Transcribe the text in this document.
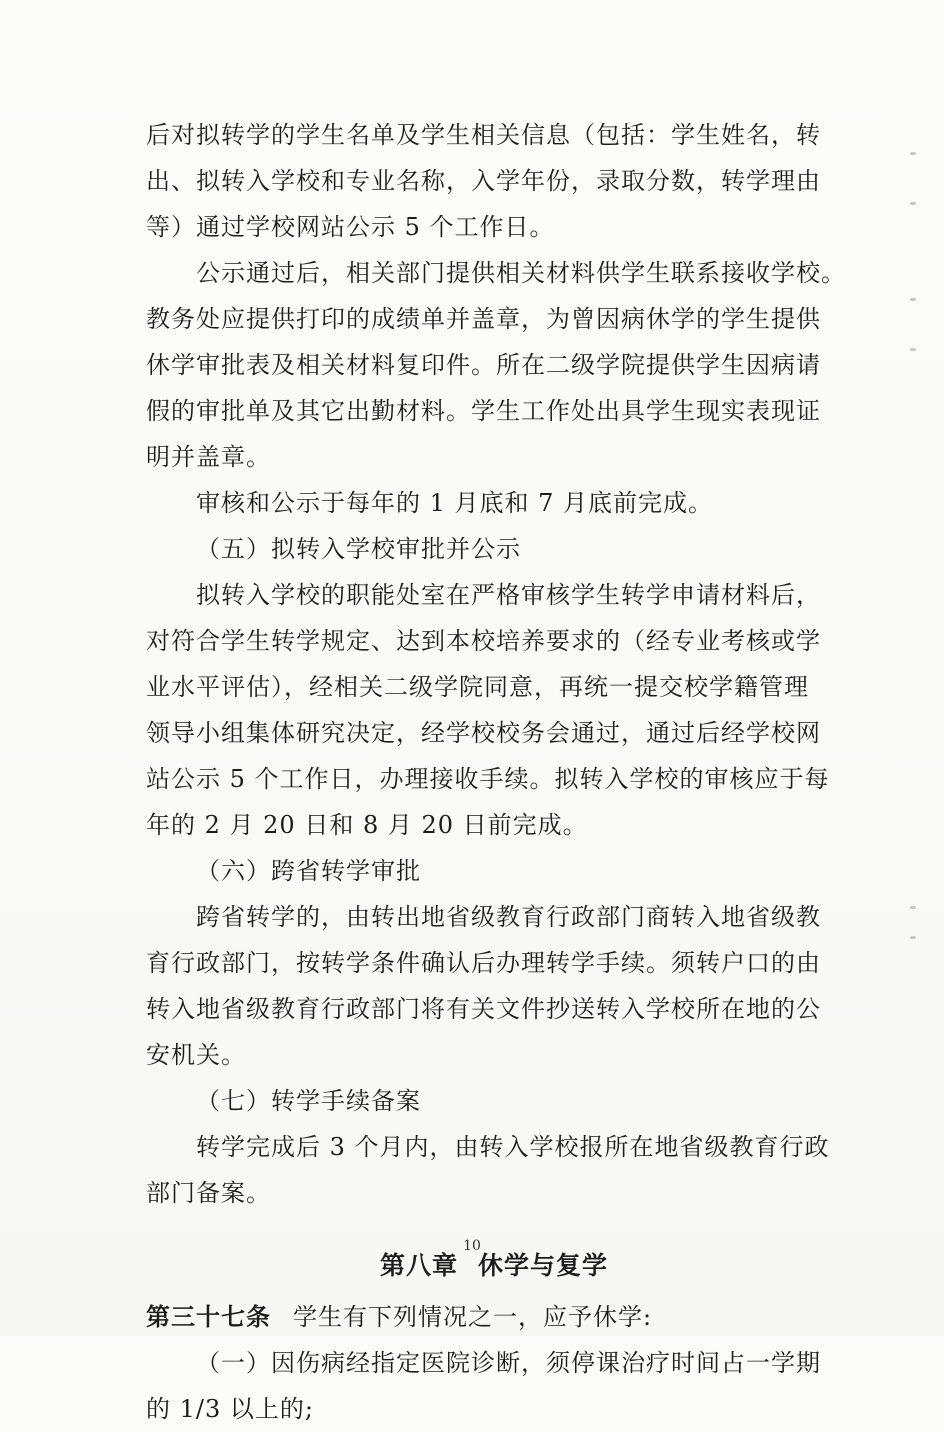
后对拟转学的学生名单及学生相关信息（包括：学生姓名，转
出、拟转入学校和专业名称，入学年份，录取分数，转学理由
等）通过学校网站公示 5 个工作日。
公示通过后，相关部门提供相关材料供学生联系接收学校。
教务处应提供打印的成绩单并盖章，为曾因病休学的学生提供
休学审批表及相关材料复印件。所在二级学院提供学生因病请
假的审批单及其它出勤材料。学生工作处出具学生现实表现证
明并盖章。
审核和公示于每年的 1 月底和 7 月底前完成。
（五）拟转入学校审批并公示
拟转入学校的职能处室在严格审核学生转学申请材料后，
对符合学生转学规定、达到本校培养要求的（经专业考核或学
业水平评估），经相关二级学院同意，再统一提交校学籍管理
领导小组集体研究决定，经学校校务会通过，通过后经学校网
站公示 5 个工作日，办理接收手续。拟转入学校的审核应于每
年的 2 月 20 日和 8 月 20 日前完成。
（六）跨省转学审批
跨省转学的，由转出地省级教育行政部门商转入地省级教
育行政部门，按转学条件确认后办理转学手续。须转户口的由
转入地省级教育行政部门将有关文件抄送转入学校所在地的公
安机关。
（七）转学手续备案
转学完成后 3 个月内，由转入学校报所在地省级教育行政
部门备案。
第八章 休学与复学
第三十七条 学生有下列情况之一，应予休学:
（一）因伤病经指定医院诊断，须停课治疗时间占一学期
的 1/3 以上的;
10
